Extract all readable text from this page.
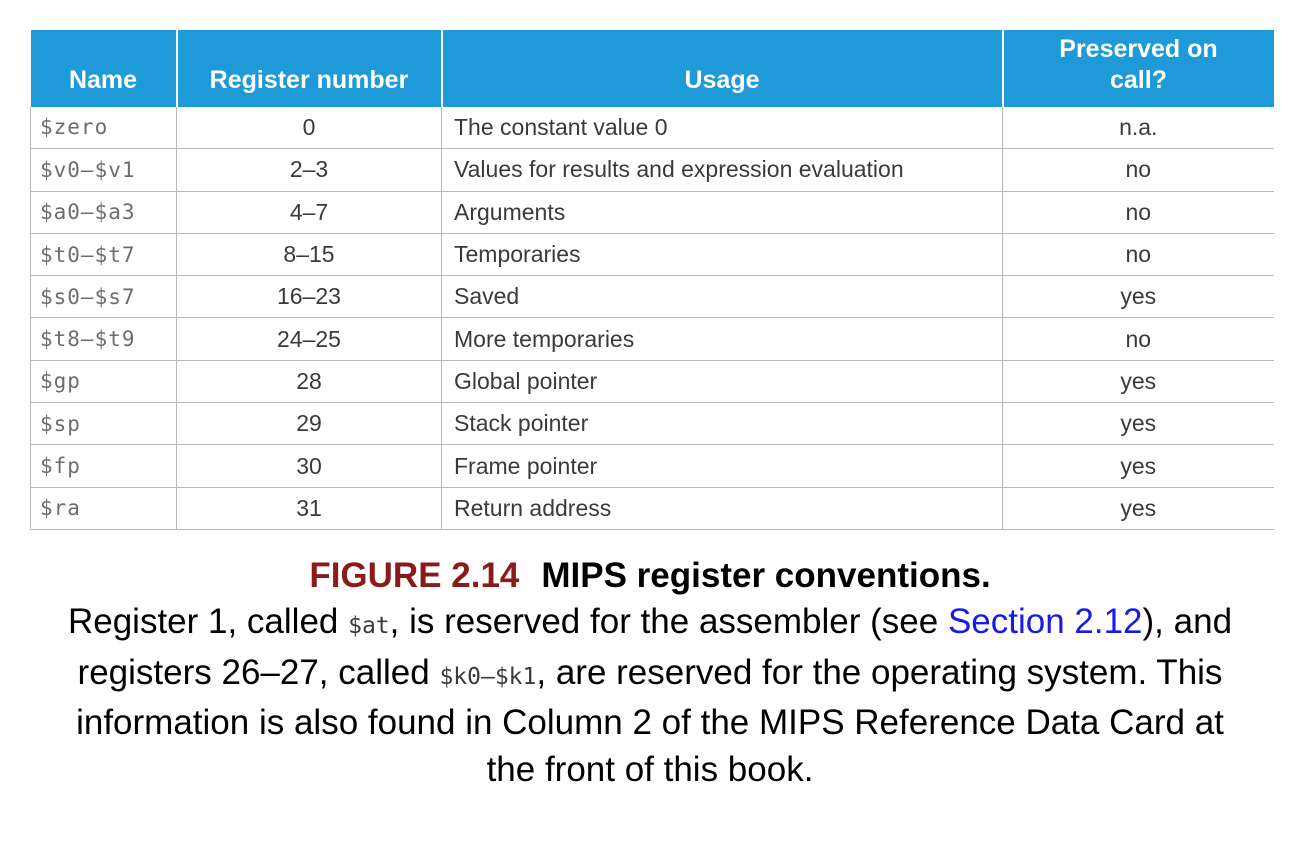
Name	Register number	Usage	Preserved on
call?
$zero	0	The constant value 0	n.a.
$v0–$v1	2–3	Values for results and expression evaluation	no
$a0–$a3	4–7	Arguments	no
$t0–$t7	8–15	Temporaries	no
$s0–$s7	16–23	Saved	yes
$t8–$t9	24–25	More temporaries	no
$gp	28	Global pointer	yes
$sp	29	Stack pointer	yes
$fp	30	Frame pointer	yes
$ra	31	Return address	yes
FIGURE 2.14 MIPS register conventions.
Register 1, called $at, is reserved for the assembler (see Section 2.12), and registers 26–27, called $k0–$k1, are reserved for the operating system. This information is also found in Column 2 of the MIPS Reference Data Card at the front of this book.
